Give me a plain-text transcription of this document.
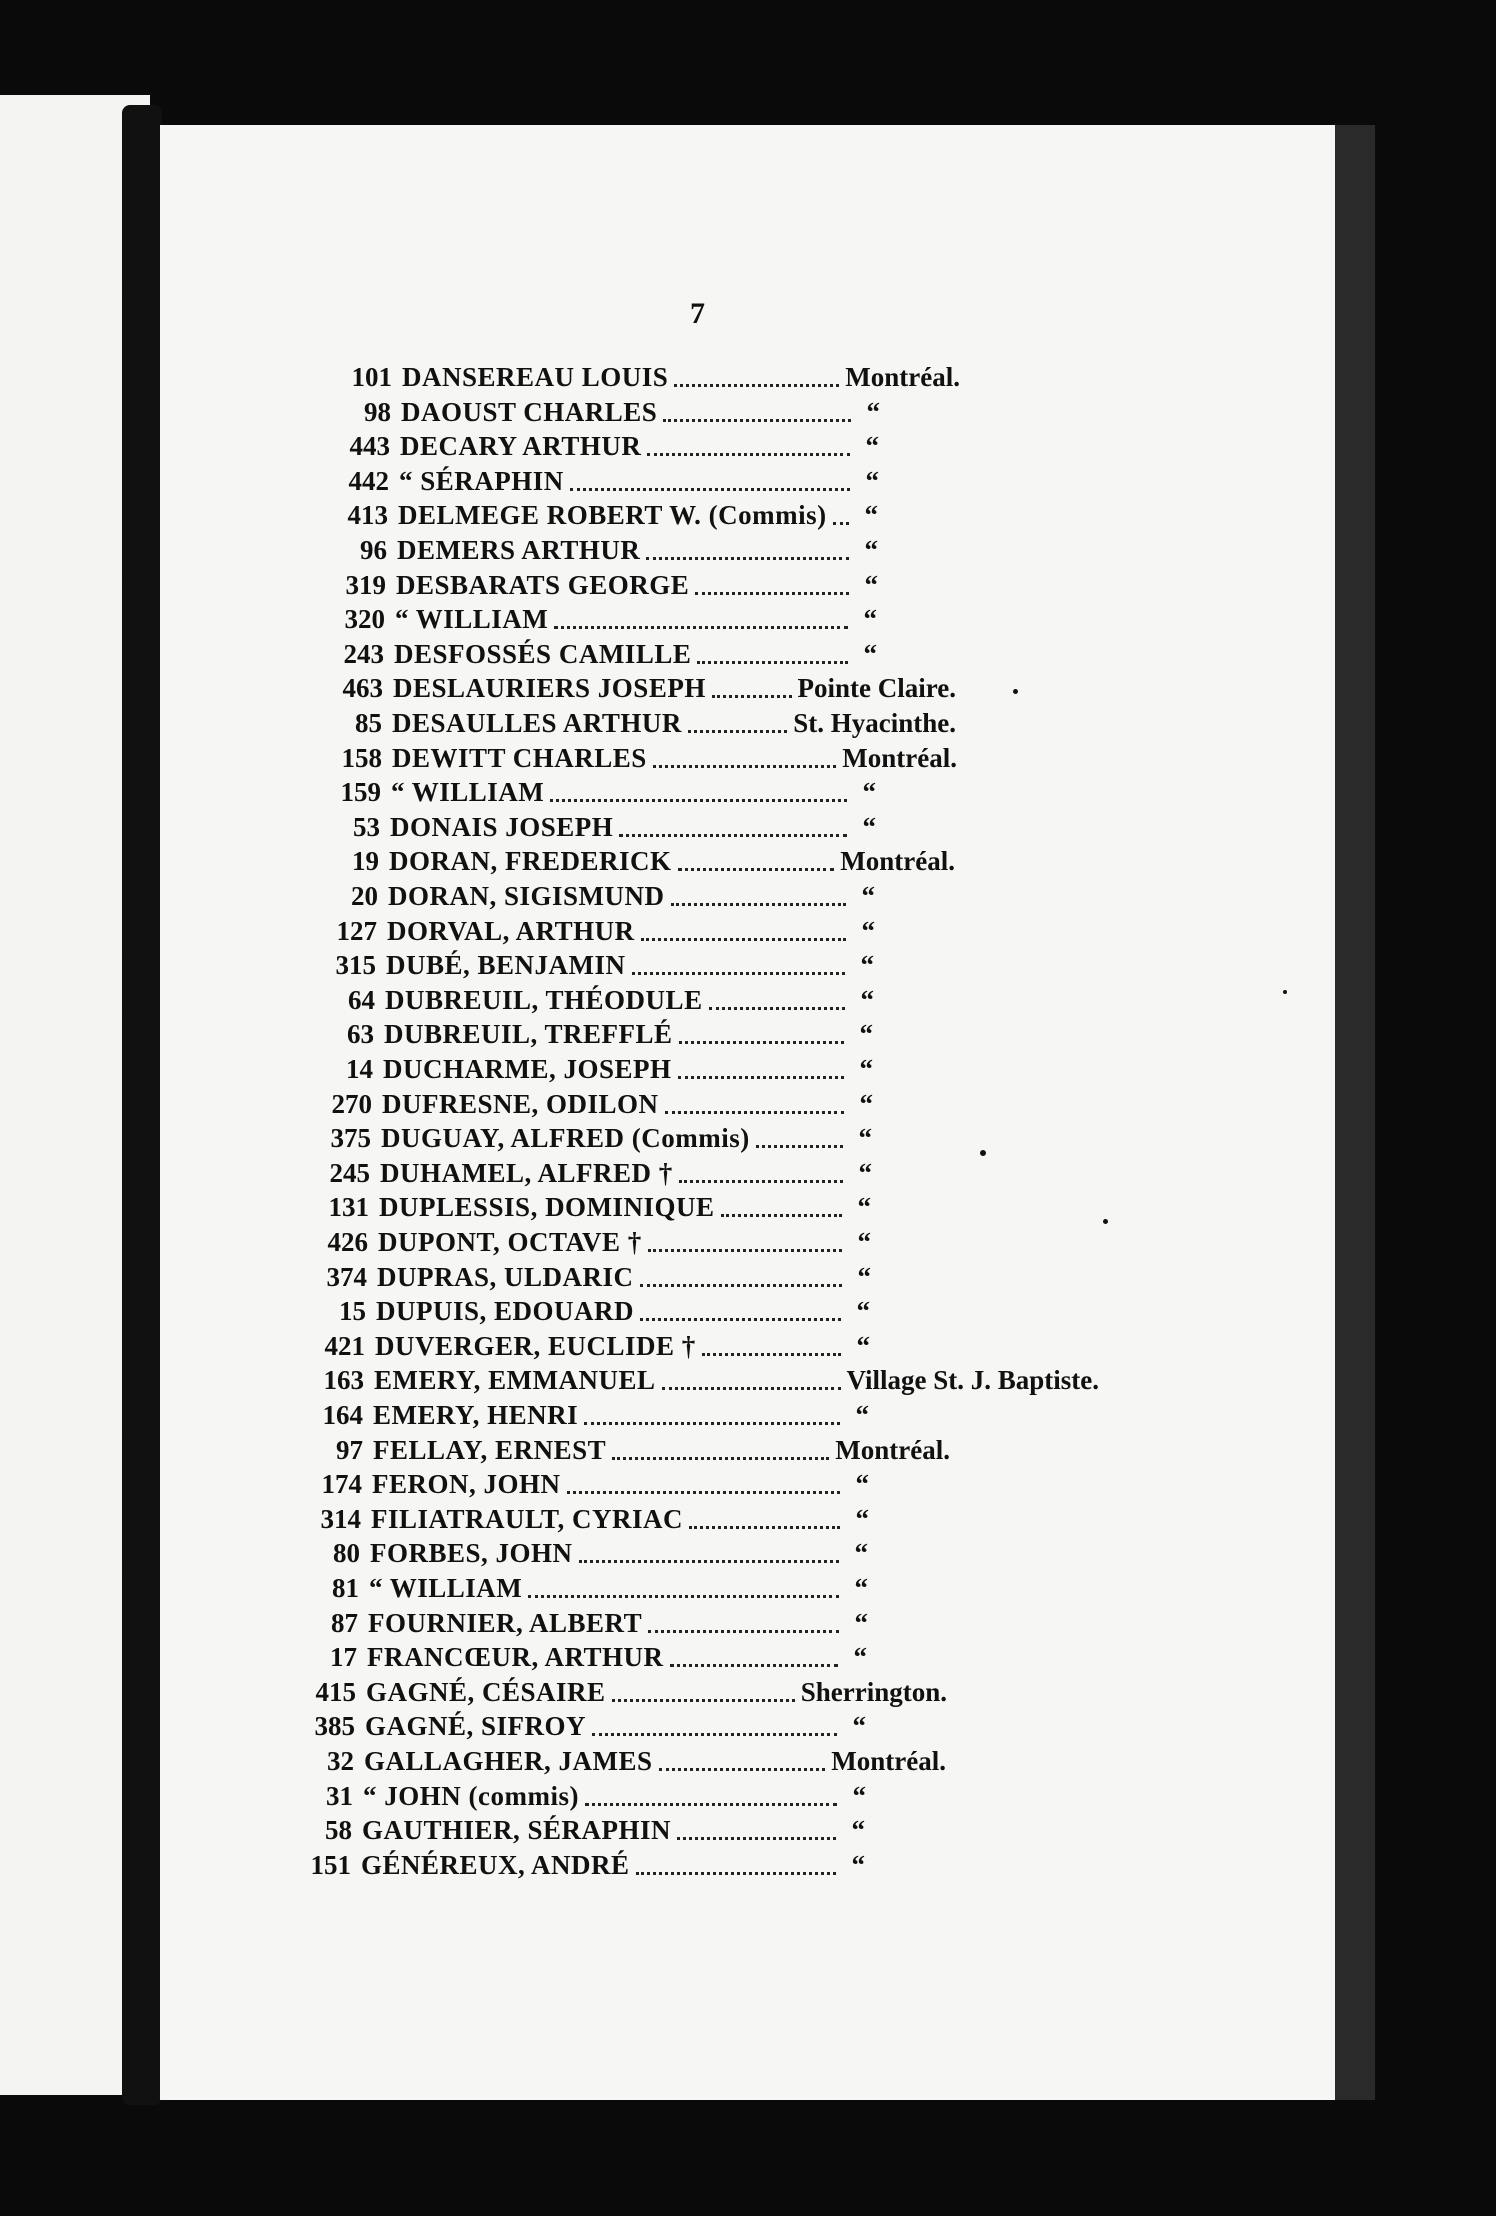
7
101 DANSEREAU LOUIS	Montréal.
98 DAOUST CHARLES	“
443 DECARY ARTHUR	“
442 “ SÉRAPHIN	“
413 DELMEGE ROBERT W. (Commis)	“
96 DEMERS ARTHUR	“
319 DESBARATS GEORGE	“
320 “ WILLIAM	“
243 DESFOSSÉS CAMILLE	“
463 DESLAURIERS JOSEPH	Pointe Claire.
85 DESAULLES ARTHUR	St. Hyacinthe.
158 DEWITT CHARLES	Montréal.
159 “ WILLIAM	“
53 DONAIS JOSEPH	“
19 DORAN, FREDERICK	Montréal.
20 DORAN, SIGISMUND	“
127 DORVAL, ARTHUR	“
315 DUBÉ, BENJAMIN	“
64 DUBREUIL, THÉODULE	“
63 DUBREUIL, TREFFLÉ	“
14 DUCHARME, JOSEPH	“
270 DUFRESNE, ODILON	“
375 DUGUAY, ALFRED (Commis)	“
245 DUHAMEL, ALFRED †	“
131 DUPLESSIS, DOMINIQUE	“
426 DUPONT, OCTAVE †	“
374 DUPRAS, ULDARIC	“
15 DUPUIS, EDOUARD	“
421 DUVERGER, EUCLIDE †	“
163 EMERY, EMMANUEL	Village St. J. Baptiste.
164 EMERY, HENRI	“
97 FELLAY, ERNEST	Montréal.
174 FERON, JOHN	“
314 FILIATRAULT, CYRIAC	“
80 FORBES, JOHN	“
81 “ WILLIAM	“
87 FOURNIER, ALBERT	“
17 FRANCŒUR, ARTHUR	“
415 GAGNÉ, CÉSAIRE	Sherrington.
385 GAGNÉ, SIFROY	“
32 GALLAGHER, JAMES	Montréal.
31 “ JOHN (commis)	“
58 GAUTHIER, SÉRAPHIN	“
151 GÉNÉREUX, ANDRÉ	“
